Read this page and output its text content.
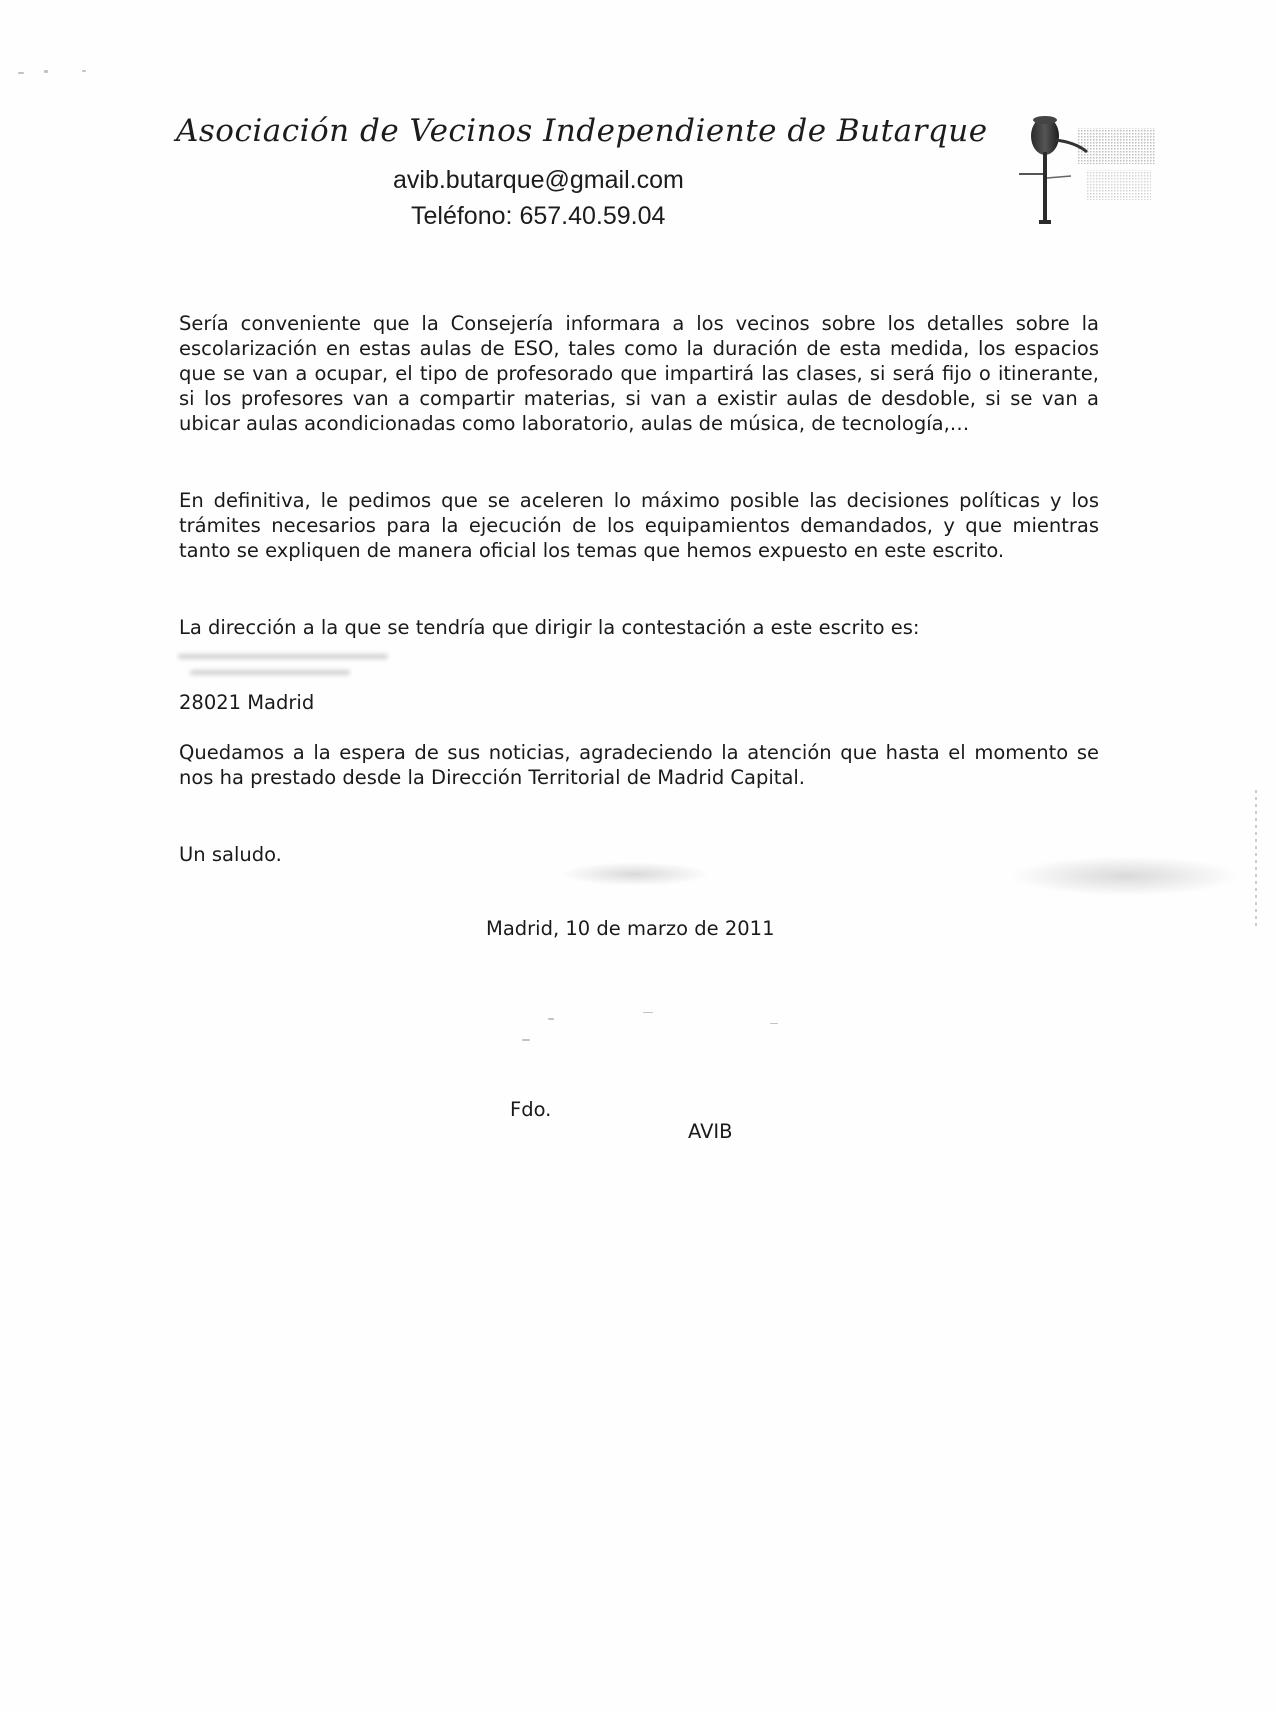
Asociación de Vecinos Independiente de Butarque
avib.butarque@gmail.com
Teléfono: 657.40.59.04
Sería conveniente que la Consejería informara a los vecinos sobre los detalles sobre la escolarización en estas aulas de ESO, tales como la duración de esta medida, los espacios que se van a ocupar, el tipo de profesorado que impartirá las clases, si será fijo o itinerante, si los profesores van a compartir materias, si van a existir aulas de desdoble, si se van a ubicar aulas acondicionadas como laboratorio, aulas de música, de tecnología,…
En definitiva, le pedimos que se aceleren lo máximo posible las decisiones políticas y los trámites necesarios para la ejecución de los equipamientos demandados, y que mientras tanto se expliquen de manera oficial los temas que hemos expuesto en este escrito.
La dirección a la que se tendría que dirigir la contestación a este escrito es:
28021 Madrid
Quedamos a la espera de sus noticias, agradeciendo la atención que hasta el momento se nos ha prestado desde la Dirección Territorial de Madrid Capital.
Un saludo.
Madrid, 10 de marzo de 2011
Fdo.
AVIB
